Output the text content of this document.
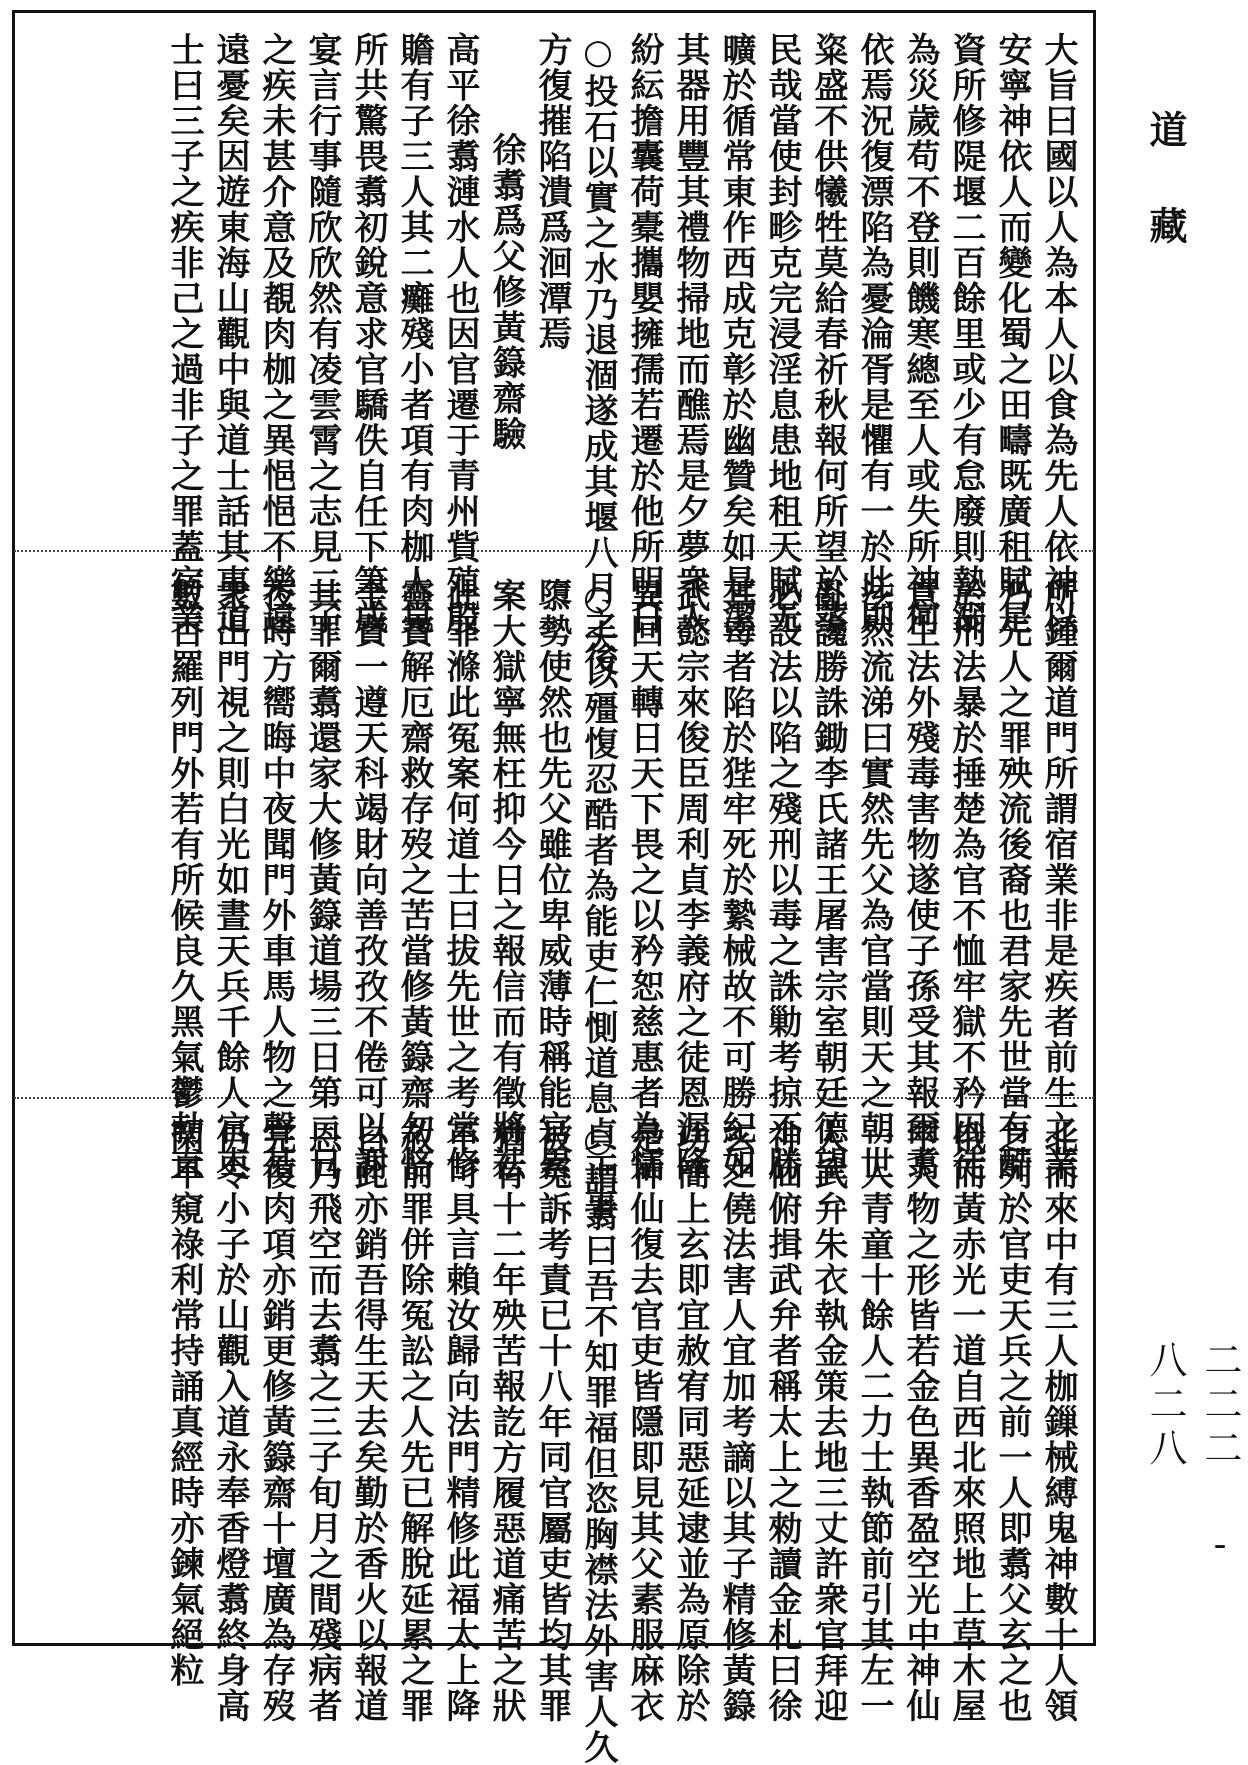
道藏
二二二 - 八二八
大旨曰國以人為本人以食為先人依神以
安寧神依人而變化蜀之田疇既廣租賦是
資所修隄堰二百餘里或少有怠廢則墊溺
為災歲苟不登則饑寒總至人或失所神何
依焉況復漂陷為憂淪胥是懼有一於此則
粢盛不供犧牲莫給春祈秋報何所望於蒸
民哉當使封畛克完浸淫息患地租天賦无
曠於循常東作西成克彰於幽贊矣如是潔
其器用豐其禮物掃地而醮焉是夕夢衆人
紛紜擔囊荷橐攜嬰擁孺若遷於他所明日
○投石以實之水乃退涸遂成其堰八月之後
方復摧陷潰爲洄潭焉
徐翥爲父修黃籙齋驗
高平徐翥漣水人也因官遷于青州貲殖殷
贍有子三人其二癱殘小者項有肉枷人見
所共驚畏翥初銳意求官驕佚自任下筆成
宴言行事隨欣欣然有凌雲霄之志見二子
之疾未甚介意及覩肉枷之異悒悒不樂遠
遠憂矣因遊東海山觀中與道士話其事道
士曰三子之疾非己之過非子之罪蓋宿業
所鍾爾道門所謂宿業非是疾者前生之業
乃先人之罪殃流後裔也君家先世當有酷
於刑法暴於捶楚為官不恤牢獄不矜囚徒
意生法外殘毒害物遂使子孫受其報爾翥
泫然流涕曰實然先父為官當則天之朝世
亂讒勝誅鋤李氏諸王屠害宗室朝廷德望
必設法以陷之殘刑以毒之誅勦考掠不勝
其毒者陷於狴牢死於縶械故不可勝紀如
武懿宗來俊臣周利貞李義府之徒恩渥隆
異回天轉日天下畏之以矜恕慈惠者為懦
○夫以殭愎忍酷者為能吏仁惻道息貞正事
隳勢使然也先父雖位卑威薄時稱能官累
案大獄寧無枉抑今日之報信而有徵將祛
此罪滌此冤案何道士曰拔先世之考當修
靈寶解厄齋救存歿之苦當修黃籙齋勿悋
金寶一遵天科竭財向善孜孜不倦可以謝
其罪爾翥還家大修黃籙道場三日第二日
夜時方嚮晦中夜聞門外車馬人物之聲甚
衆出門視之則白光如晝天兵千餘人官吏
數百羅列門外若有所候良久黑氣鬱勃直
北而來中有三人枷鏁械縛鬼神數十人領
之列於官吏天兵之前一人即翥父玄之也
俄而黃赤光一道自西北來照地上草木屋
宇人物之形皆若金色異香盈空光中神仙
一人青童十餘人二力士執節前引其左一
人武弁朱衣執金策去地三丈許衆官拜迎
神仙俯揖武弁者稱太上之勑讀金札曰徐
玄之僥法害人宜加考謫以其子精修黃籙
功簡上玄即宜赦宥同惡延逮並為原除於
是神仙復去官吏皆隱即見其父素服麻衣
○謂翥曰吾不知罪福但恣胸襟法外害人久
被冤訴考責已十八年同官屬吏皆均其罪
猶有十二年殃苦報訖方履惡道痛苦之狀
不可具言賴汝歸向法門精修此福太上降
赦前罪併除冤訟之人先已解脫延累之罪
自此亦銷吾得生天去矣勤於香火以報道
恩乃飛空而去翥之三子旬月之間殘病者
完復肉項亦銷更修黃籙齋十壇廣為存歿
仍令小子於山觀入道永奉香燈翥終身高
閑不窺祿利常持誦真經時亦鍊氣絕粒
